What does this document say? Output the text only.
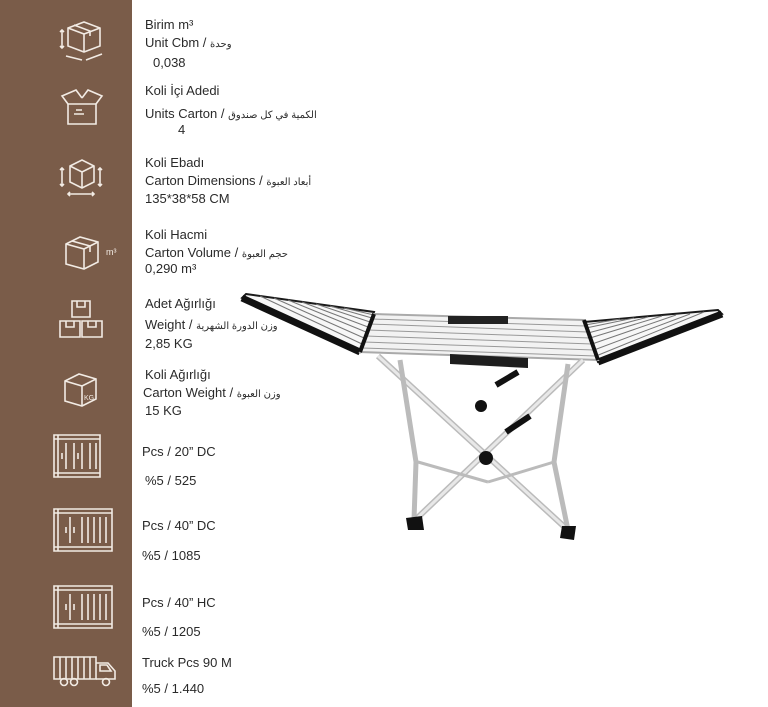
m³
KG
Birim m³
Unit Cbm / وحدة
0,038
Koli İçi Adedi
Units Carton / الكمية في كل صندوق
4
Koli Ebadı
Carton Dimensions / أبعاد العبوة
135*38*58 CM
Koli Hacmi
Carton Volume / حجم العبوة
0,290 m³
Adet Ağırlığı
Weight / وزن الدورة الشهرية
2,85 KG
Koli Ağırlığı
Carton Weight / وزن العبوة
15 KG
Pcs / 20” DC
%5 / 525
Pcs / 40” DC
%5 / 1085
Pcs / 40” HC
%5 / 1205
Truck Pcs 90 M
%5 / 1.440
